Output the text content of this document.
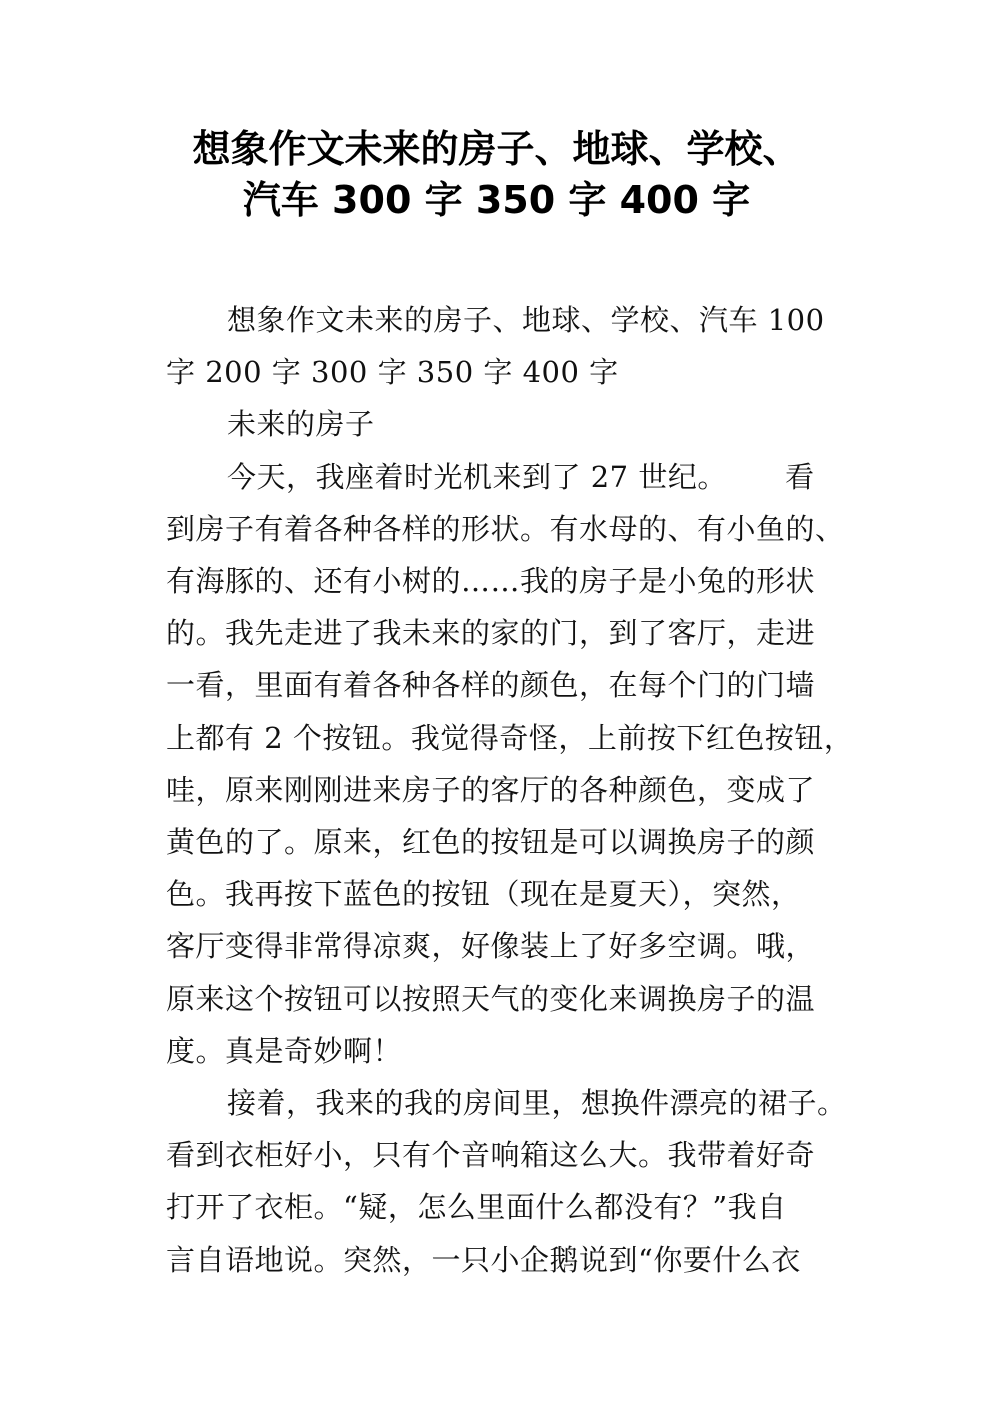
想象作文未来的房子、地球、学校、
汽车 300 字 350 字 400 字
想象作文未来的房子、地球、学校、汽车 100
字 200 字 300 字 350 字 400 字
未来的房子
今天，我座着时光机来到了 27 世纪。      看
到房子有着各种各样的形状。有水母的、有小鱼的、
有海豚的、还有小树的……我的房子是小兔的形状
的。我先走进了我未来的家的门，到了客厅，走进
一看，里面有着各种各样的颜色，在每个门的门墙
上都有 2 个按钮。我觉得奇怪，上前按下红色按钮，
哇，原来刚刚进来房子的客厅的各种颜色，变成了
黄色的了。原来，红色的按钮是可以调换房子的颜
色。我再按下蓝色的按钮（现在是夏天），突然，
客厅变得非常得凉爽，好像装上了好多空调。哦，
原来这个按钮可以按照天气的变化来调换房子的温
度。真是奇妙啊！
接着，我来的我的房间里，想换件漂亮的裙子。
看到衣柜好小，只有个音响箱这么大。我带着好奇
打开了衣柜。“疑，怎么里面什么都没有？”我自
言自语地说。突然，一只小企鹅说到“你要什么衣
